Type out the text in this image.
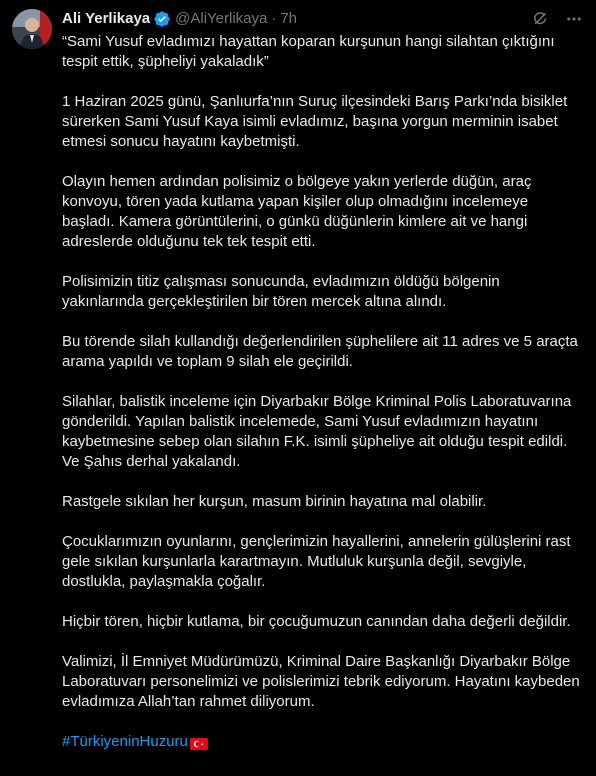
Ali Yerlikaya @AliYerlikaya · 7h

“Sami Yusuf evladımızı hayattan koparan kurşunun hangi silahtan çıktığını tespit ettik, şüpheliyi yakaladık”

1 Haziran 2025 günü, Şanlıurfa’nın Suruç ilçesindeki Barış Parkı’nda bisiklet sürerken Sami Yusuf Kaya isimli evladımız, başına yorgun merminin isabet etmesi sonucu hayatını kaybetmişti.

Olayın hemen ardından polisimiz o bölgeye yakın yerlerde düğün, araç konvoyu, tören yada kutlama yapan kişiler olup olmadığını incelemeye başladı. Kamera görüntülerini, o günkü düğünlerin kimlere ait ve hangi adreslerde olduğunu tek tek tespit etti.

Polisimizin titiz çalışması sonucunda, evladımızın öldüğü bölgenin yakınlarında gerçekleştirilen bir tören mercek altına alındı.

Bu törende silah kullandığı değerlendirilen şüphelilere ait 11 adres ve 5 araçta arama yapıldı ve toplam 9 silah ele geçirildi.

Silahlar, balistik inceleme için Diyarbakır Bölge Kriminal Polis Laboratuvarına gönderildi. Yapılan balistik incelemede, Sami Yusuf evladımızın hayatını kaybetmesine sebep olan silahın F.K. isimli şüpheliye ait olduğu tespit edildi. Ve Şahıs derhal yakalandı.

Rastgele sıkılan her kurşun, masum birinin hayatına mal olabilir.

Çocuklarımızın oyunlarını, gençlerimizin hayallerini, annelerin gülüşlerini rast gele sıkılan kurşunlarla karartmayın. Mutluluk kurşunla değil, sevgiyle, dostlukla, paylaşmakla çoğalır.

Hiçbir tören, hiçbir kutlama, bir çocuğumuzun canından daha değerli değildir.

Valimizi, İl Emniyet Müdürümüzü, Kriminal Daire Başkanlığı Diyarbakır Bölge Laboratuvarı personelimizi ve polislerimizi tebrik ediyorum. Hayatını kaybeden evladımıza Allah’tan rahmet diliyorum.

#TürkiyeninHuzuru
